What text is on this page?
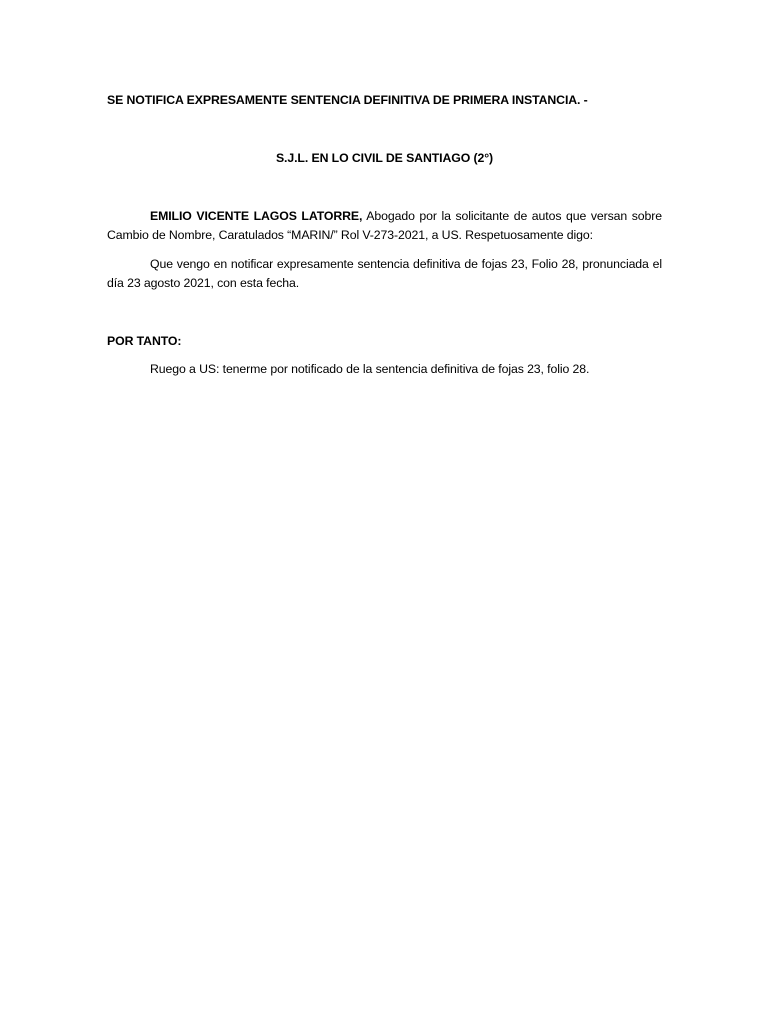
SE NOTIFICA EXPRESAMENTE SENTENCIA DEFINITIVA DE PRIMERA INSTANCIA. -
S.J.L. EN LO CIVIL DE SANTIAGO (2°)
EMILIO VICENTE LAGOS LATORRE, Abogado por la solicitante de autos que versan sobre Cambio de Nombre, Caratulados “MARIN/” Rol V-273-2021, a US. Respetuosamente digo:
Que vengo en notificar expresamente sentencia definitiva de fojas 23, Folio 28, pronunciada el día 23 agosto 2021, con esta fecha.
POR TANTO:
Ruego a US: tenerme por notificado de la sentencia definitiva de fojas 23, folio 28.
